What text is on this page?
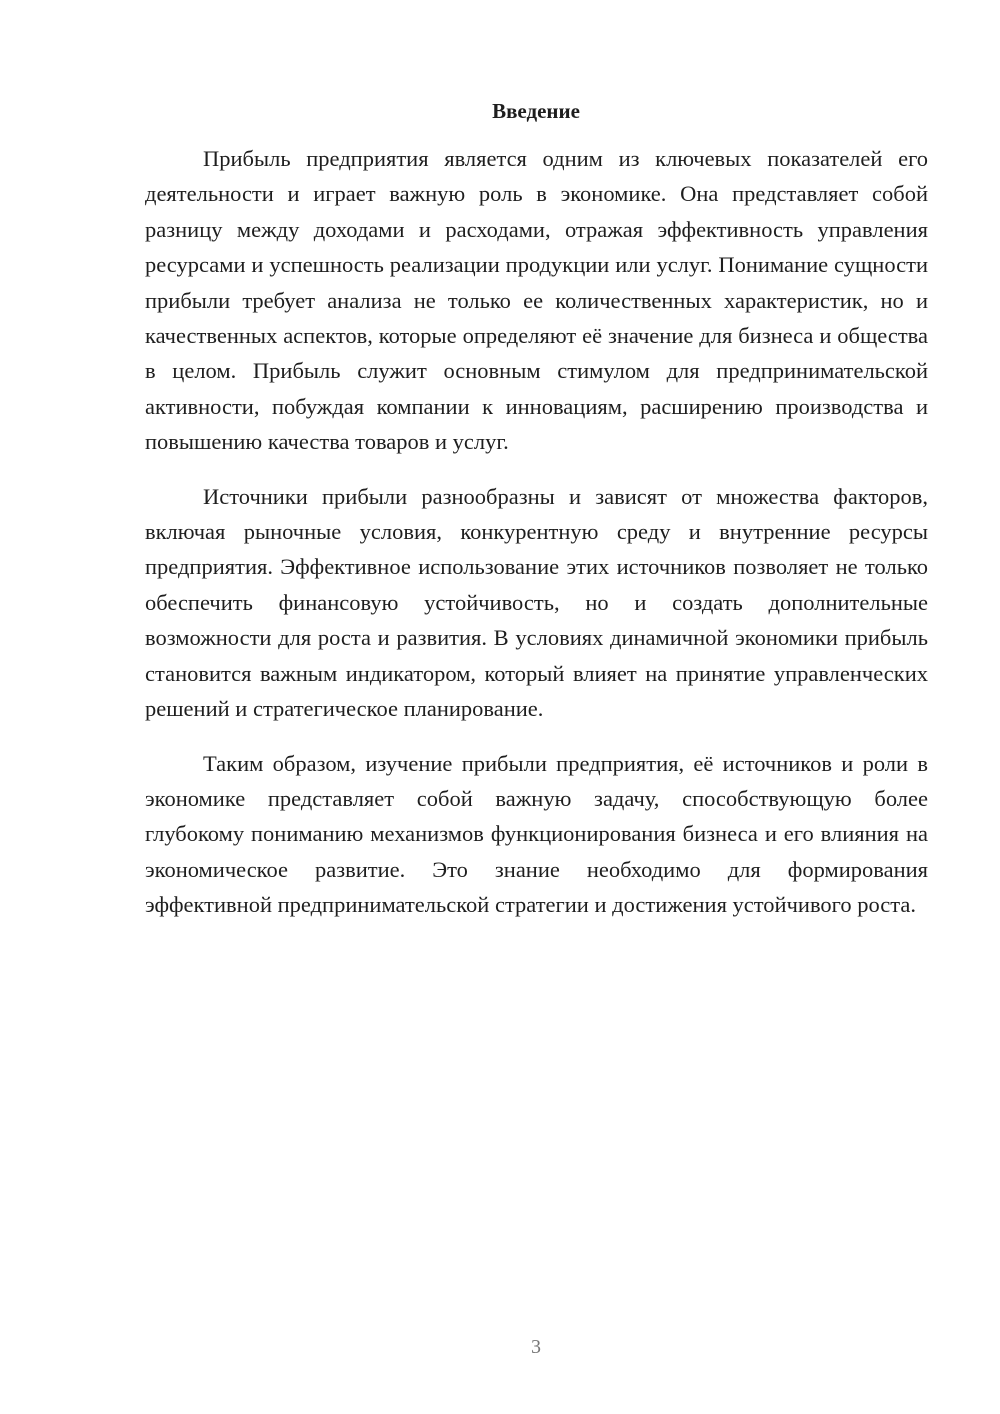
Введение

Прибыль предприятия является одним из ключевых показателей его деятельности и играет важную роль в экономике. Она представляет собой разницу между доходами и расходами, отражая эффективность управления ресурсами и успешность реализации продукции или услуг. Понимание сущности прибыли требует анализа не только ее количественных характеристик, но и качественных аспектов, которые определяют её значение для бизнеса и общества в целом. Прибыль служит основным стимулом для предпринимательской активности, побуждая компании к инновациям, расширению производства и повышению качества товаров и услуг.

Источники прибыли разнообразны и зависят от множества факторов, включая рыночные условия, конкурентную среду и внутренние ресурсы предприятия. Эффективное использование этих источников позволяет не только обеспечить финансовую устойчивость, но и создать дополнительные возможности для роста и развития. В условиях динамичной экономики прибыль становится важным индикатором, который влияет на принятие управленческих решений и стратегическое планирование.

Таким образом, изучение прибыли предприятия, её источников и роли в экономике представляет собой важную задачу, способствующую более глубокому пониманию механизмов функционирования бизнеса и его влияния на экономическое развитие. Это знание необходимо для формирования эффективной предпринимательской стратегии и достижения устойчивого роста.

3
